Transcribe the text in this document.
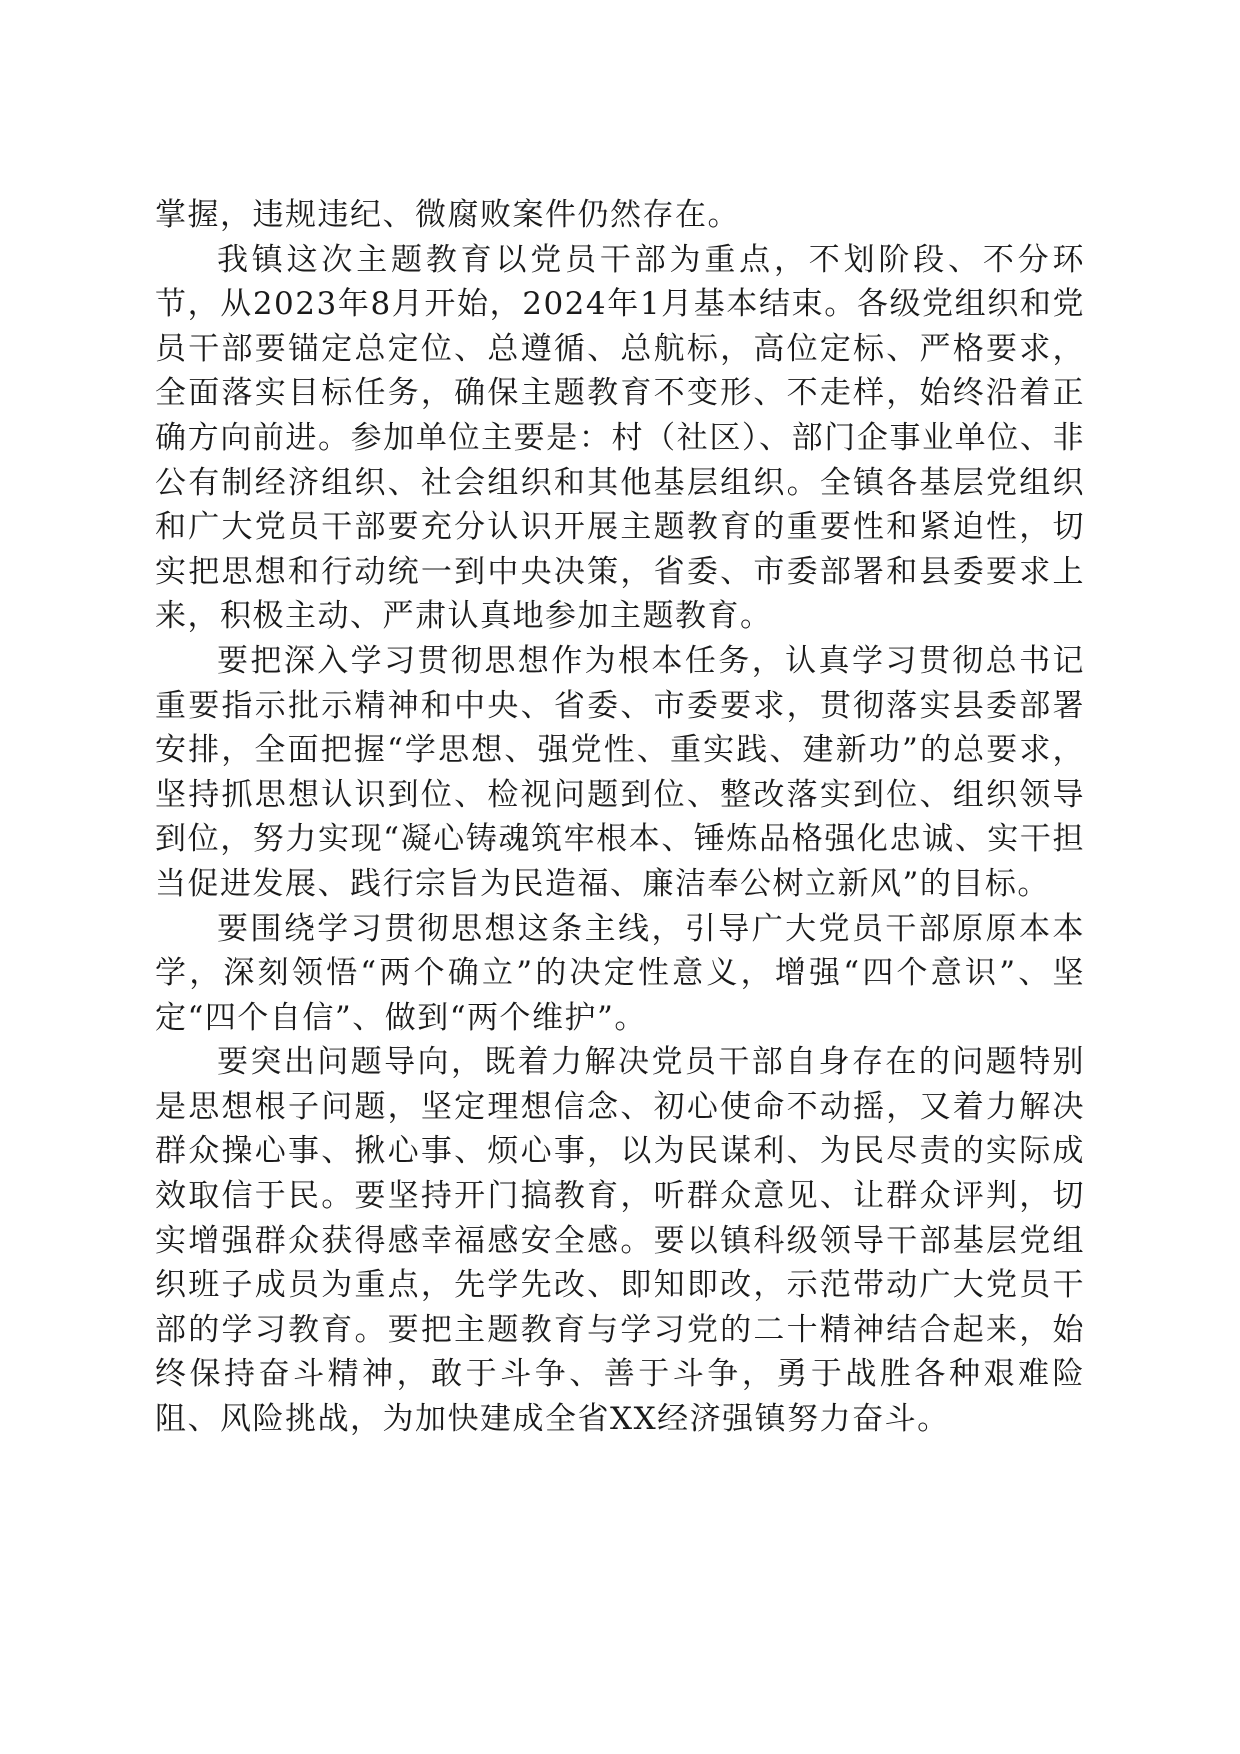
掌握，违规违纪、微腐败案件仍然存在。

我镇这次主题教育以党员干部为重点，不划阶段、不分环节，从2023年8月开始，2024年1月基本结束。各级党组织和党员干部要锚定总定位、总遵循、总航标，高位定标、严格要求，全面落实目标任务，确保主题教育不变形、不走样，始终沿着正确方向前进。参加单位主要是：村（社区）、部门企事业单位、非公有制经济组织、社会组织和其他基层组织。全镇各基层党组织和广大党员干部要充分认识开展主题教育的重要性和紧迫性，切实把思想和行动统一到中央决策，省委、市委部署和县委要求上来，积极主动、严肃认真地参加主题教育。

要把深入学习贯彻思想作为根本任务，认真学习贯彻总书记重要指示批示精神和中央、省委、市委要求，贯彻落实县委部署安排，全面把握“学思想、强党性、重实践、建新功”的总要求，坚持抓思想认识到位、检视问题到位、整改落实到位、组织领导到位，努力实现“凝心铸魂筑牢根本、锤炼品格强化忠诚、实干担当促进发展、践行宗旨为民造福、廉洁奉公树立新风”的目标。

要围绕学习贯彻思想这条主线，引导广大党员干部原原本本学，深刻领悟“两个确立”的决定性意义，增强“四个意识”、坚定“四个自信”、做到“两个维护”。

要突出问题导向，既着力解决党员干部自身存在的问题特别是思想根子问题，坚定理想信念、初心使命不动摇，又着力解决群众操心事、揪心事、烦心事，以为民谋利、为民尽责的实际成效取信于民。要坚持开门搞教育，听群众意见、让群众评判，切实增强群众获得感幸福感安全感。要以镇科级领导干部基层党组织班子成员为重点，先学先改、即知即改，示范带动广大党员干部的学习教育。要把主题教育与学习党的二十精神结合起来，始终保持奋斗精神，敢于斗争、善于斗争，勇于战胜各种艰难险阻、风险挑战，为加快建成全省XX经济强镇努力奋斗。
